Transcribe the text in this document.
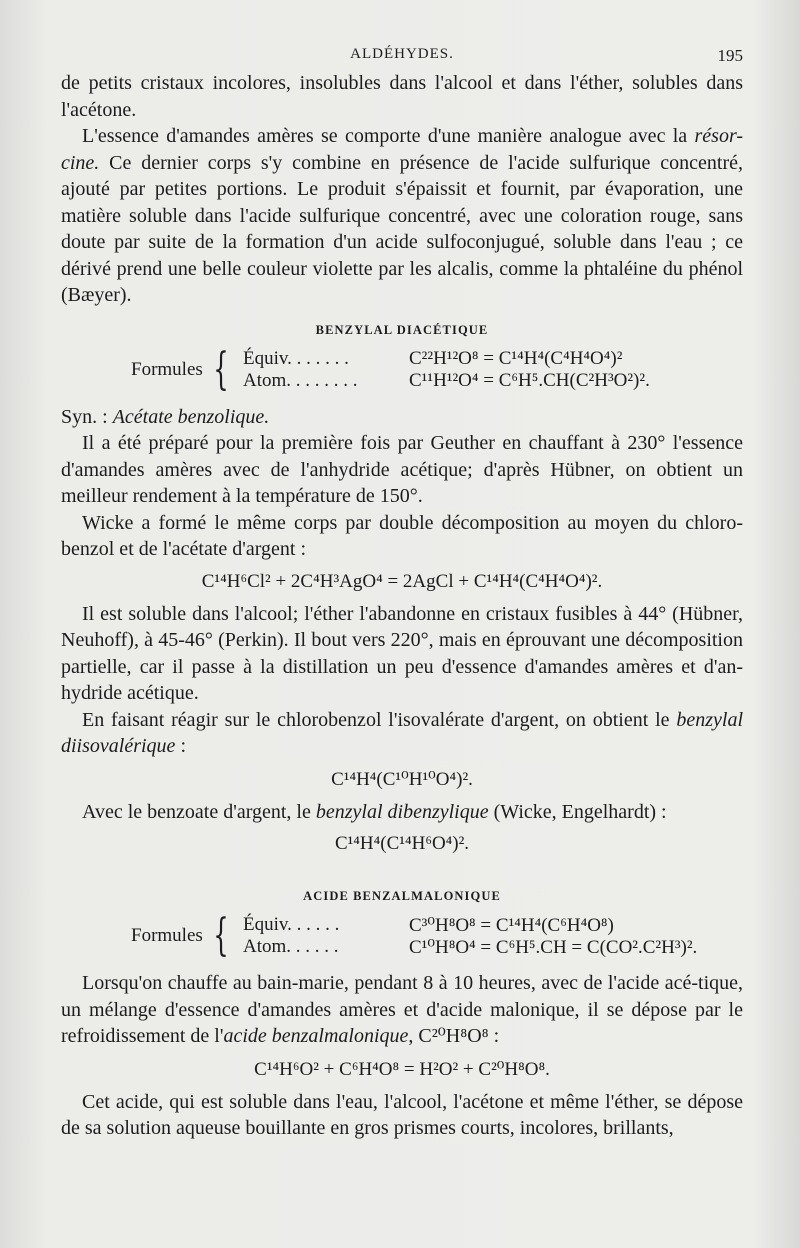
ALDÉHYDES.	195

de petits cristaux incolores, insolubles dans l'alcool et dans l'éther, solubles dans l'acétone.

L'essence d'amandes amères se comporte d'une manière analogue avec la résor-cine. Ce dernier corps s'y combine en présence de l'acide sulfurique concentré, ajouté par petites portions. Le produit s'épaissit et fournit, par évaporation, une matière soluble dans l'acide sulfurique concentré, avec une coloration rouge, sans doute par suite de la formation d'un acide sulfoconjugué, soluble dans l'eau ; ce dérivé prend une belle couleur violette par les alcalis, comme la phtaléine du phénol (Bæyer).

BENZYLAL DIACÉTIQUE
Formules { Équiv. . . . . . .	C²²H¹²O⁸ = C¹⁴H⁴(C⁴H⁴O⁴)²
Atom. . . . . . . .	C¹¹H¹²O⁴ = C⁶H⁵.CH(C²H³O²)².

Syn. : Acétate benzolique.

Il a été préparé pour la première fois par Geuther en chauffant à 230° l'essence d'amandes amères avec de l'anhydride acétique; d'après Hübner, on obtient un meilleur rendement à la température de 150°.

Wicke a formé le même corps par double décomposition au moyen du chloro-benzol et de l'acétate d'argent :

C¹⁴H⁶Cl² + 2C⁴H³AgO⁴ = 2AgCl + C¹⁴H⁴(C⁴H⁴O⁴)².

Il est soluble dans l'alcool; l'éther l'abandonne en cristaux fusibles à 44° (Hübner, Neuhoff), à 45-46° (Perkin). Il bout vers 220°, mais en éprouvant une décomposition partielle, car il passe à la distillation un peu d'essence d'amandes amères et d'an-hydride acétique.

En faisant réagir sur le chlorobenzol l'isovalérate d'argent, on obtient le benzylal diisovalérique :

C¹⁴H⁴(C¹⁰H¹⁰O⁴)².

Avec le benzoate d'argent, le benzylal dibenzylique (Wicke, Engelhardt) :

C¹⁴H⁴(C¹⁴H⁶O⁴)².
ACIDE BENZALMALONIQUE
Formules { Équiv. . . . . .	C³⁰H⁸O⁸ = C¹⁴H⁴(C⁶H⁴O⁸)
Atom. . . . . .	C¹⁰H⁸O⁴ = C⁶H⁵.CH = C(CO².C²H³)².

Lorsqu'on chauffe au bain-marie, pendant 8 à 10 heures, avec de l'acide acé-tique, un mélange d'essence d'amandes amères et d'acide malonique, il se dépose par le refroidissement de l'acide benzalmalonique, C²⁰H⁸O⁸ :

C¹⁴H⁶O² + C⁶H⁴O⁸ = H²O² + C²⁰H⁸O⁸.

Cet acide, qui est soluble dans l'eau, l'alcool, l'acétone et même l'éther, se dépose de sa solution aqueuse bouillante en gros prismes courts, incolores, brillants,
